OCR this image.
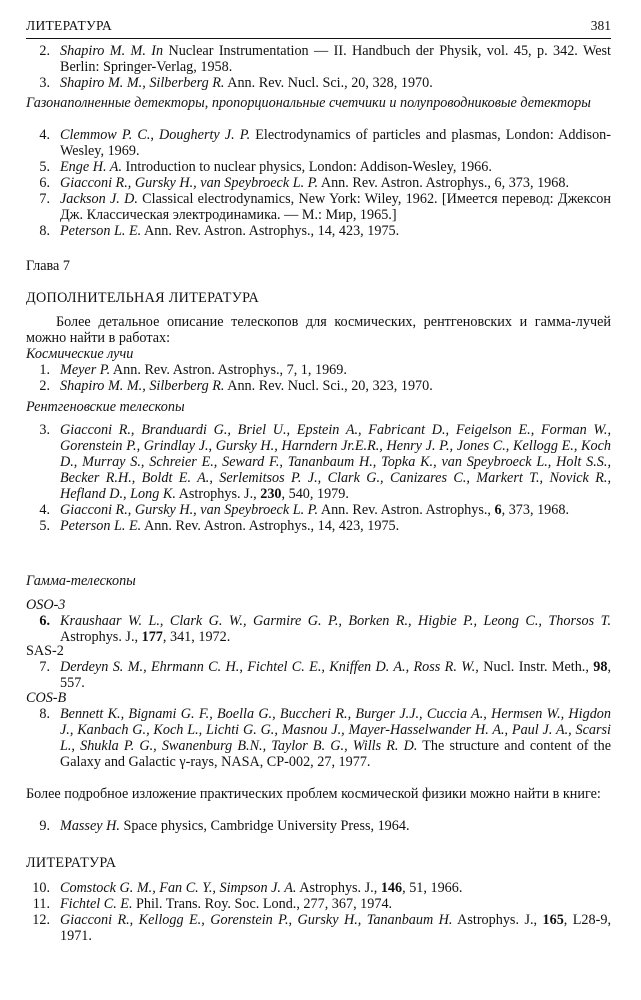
ЛИТЕРАТУРА	381
2 . Shapiro M. M. In Nuclear Instrumentation — II. Handbuch der Physik, vol. 45, p. 342. West Berlin: Springer-Verlag, 1958.
3 . Shapiro M. M., Silberberg R. Ann. Rev. Nucl. Sci., 20, 328, 1970.
Газонаполненные детекторы, пропорциональные счетчики и полупроводниковые детекторы
4 . Clemmow P. C., Dougherty J. P. Electrodynamics of particles and plasmas, London: Addison-Wesley, 1969.
5 . Enge H. A. Introduction to nuclear physics, London: Addison-Wesley, 1966.
6 . Giacconi R., Gursky H., van Speybroeck L. P. Ann. Rev. Astron. Astrophys., 6, 373, 1968.
7 . Jackson J. D. Classical electrodynamics, New York: Wiley, 1962. [Имеется перевод: Джексон Дж. Классическая электродинамика. — М.: Мир, 1965.]
8 . Peterson L. E. Ann. Rev. Astron. Astrophys., 14, 423, 1975.
Глава 7
ДОПОЛНИТЕЛЬНАЯ ЛИТЕРАТУРА
Более детальное описание телескопов для космических, рентгеновских и гамма-лучей можно найти в работах:
Космические лучи
1 . Meyer P. Ann. Rev. Astron. Astrophys., 7, 1, 1969.
2 . Shapiro M. M., Silberberg R. Ann. Rev. Nucl. Sci., 20, 323, 1970.
Рентгеновские телескопы
3 . Giacconi R., Branduardi G., Briel U., Epstein A., Fabricant D., Feigelson E., Forman W., Gorenstein P., Grindlay J., Gursky H., Harndern Jr.E.R., Henry J. P., Jones C., Kellogg E., Koch D., Murray S., Schreier E., Seward F., Tananbaum H., Topka K., van Speybroeck L., Holt S.S., Becker R.H., Boldt E. A., Serlemitsos P. J., Clark G., Canizares C., Markert T., Novick R., Hefland D., Long K. Astrophys. J., 230, 540, 1979.
4 . Giacconi R., Gursky H., van Speybroeck L. P. Ann. Rev. Astron. Astrophys., 6, 373, 1968.
5 . Peterson L. E. Ann. Rev. Astron. Astrophys., 14, 423, 1975.
Гамма-телескопы
OSO-3
6 . Kraushaar W. L., Clark G. W., Garmire G. P., Borken R., Higbie P., Leong C., Thorsos T. Astrophys. J., 177, 341, 1972.
SAS-2
7 . Derdeyn S. M., Ehrmann C. H., Fichtel C. E., Kniffen D. A., Ross R. W., Nucl. Instr. Meth., 98, 557.
COS-B
8 . Bennett K., Bignami G. F., Boella G., Buccheri R., Burger J.J., Cuccia A., Hermsen W., Higdon J., Kanbach G., Koch L., Lichti G. G., Masnou J., Mayer-Hasselwander H. A., Paul J. A., Scarsi L., Shukla P. G., Swanenburg B.N., Taylor B. G., Wills R. D. The structure and content of the Galaxy and Galactic γ-rays, NASA, CP-002, 27, 1977.
Более подробное изложение практических проблем космической физики можно найти в книге:
9 . Massey H. Space physics, Cambridge University Press, 1964.
ЛИТЕРАТУРА
10 . Comstock G. M., Fan C. Y., Simpson J. A. Astrophys. J., 146, 51, 1966.
11 . Fichtel C. E. Phil. Trans. Roy. Soc. Lond., 277, 367, 1974.
12 . Giacconi R., Kellogg E., Gorenstein P., Gursky H., Tananbaum H. Astrophys. J., 165, L28-9, 1971.
